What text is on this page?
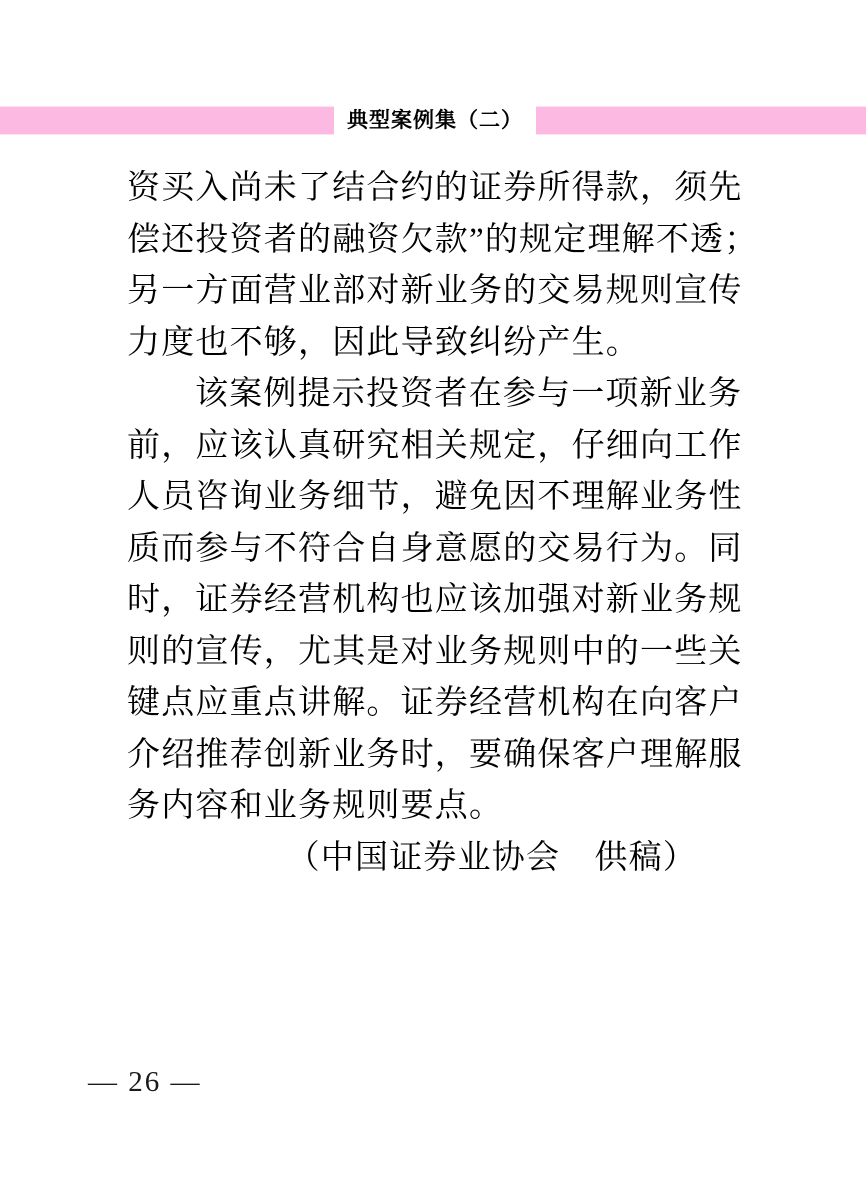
典型案例集（二）
资买入尚未了结合约的证券所得款，须先
偿还投资者的融资欠款”的规定理解不透；
另一方面营业部对新业务的交易规则宣传
力度也不够，因此导致纠纷产生。
该案例提示投资者在参与一项新业务
前，应该认真研究相关规定，仔细向工作
人员咨询业务细节，避免因不理解业务性
质而参与不符合自身意愿的交易行为。同
时，证券经营机构也应该加强对新业务规
则的宣传，尤其是对业务规则中的一些关
键点应重点讲解。证券经营机构在向客户
介绍推荐创新业务时，要确保客户理解服
务内容和业务规则要点。
（中国证券业协会　供稿）
— 26 —
